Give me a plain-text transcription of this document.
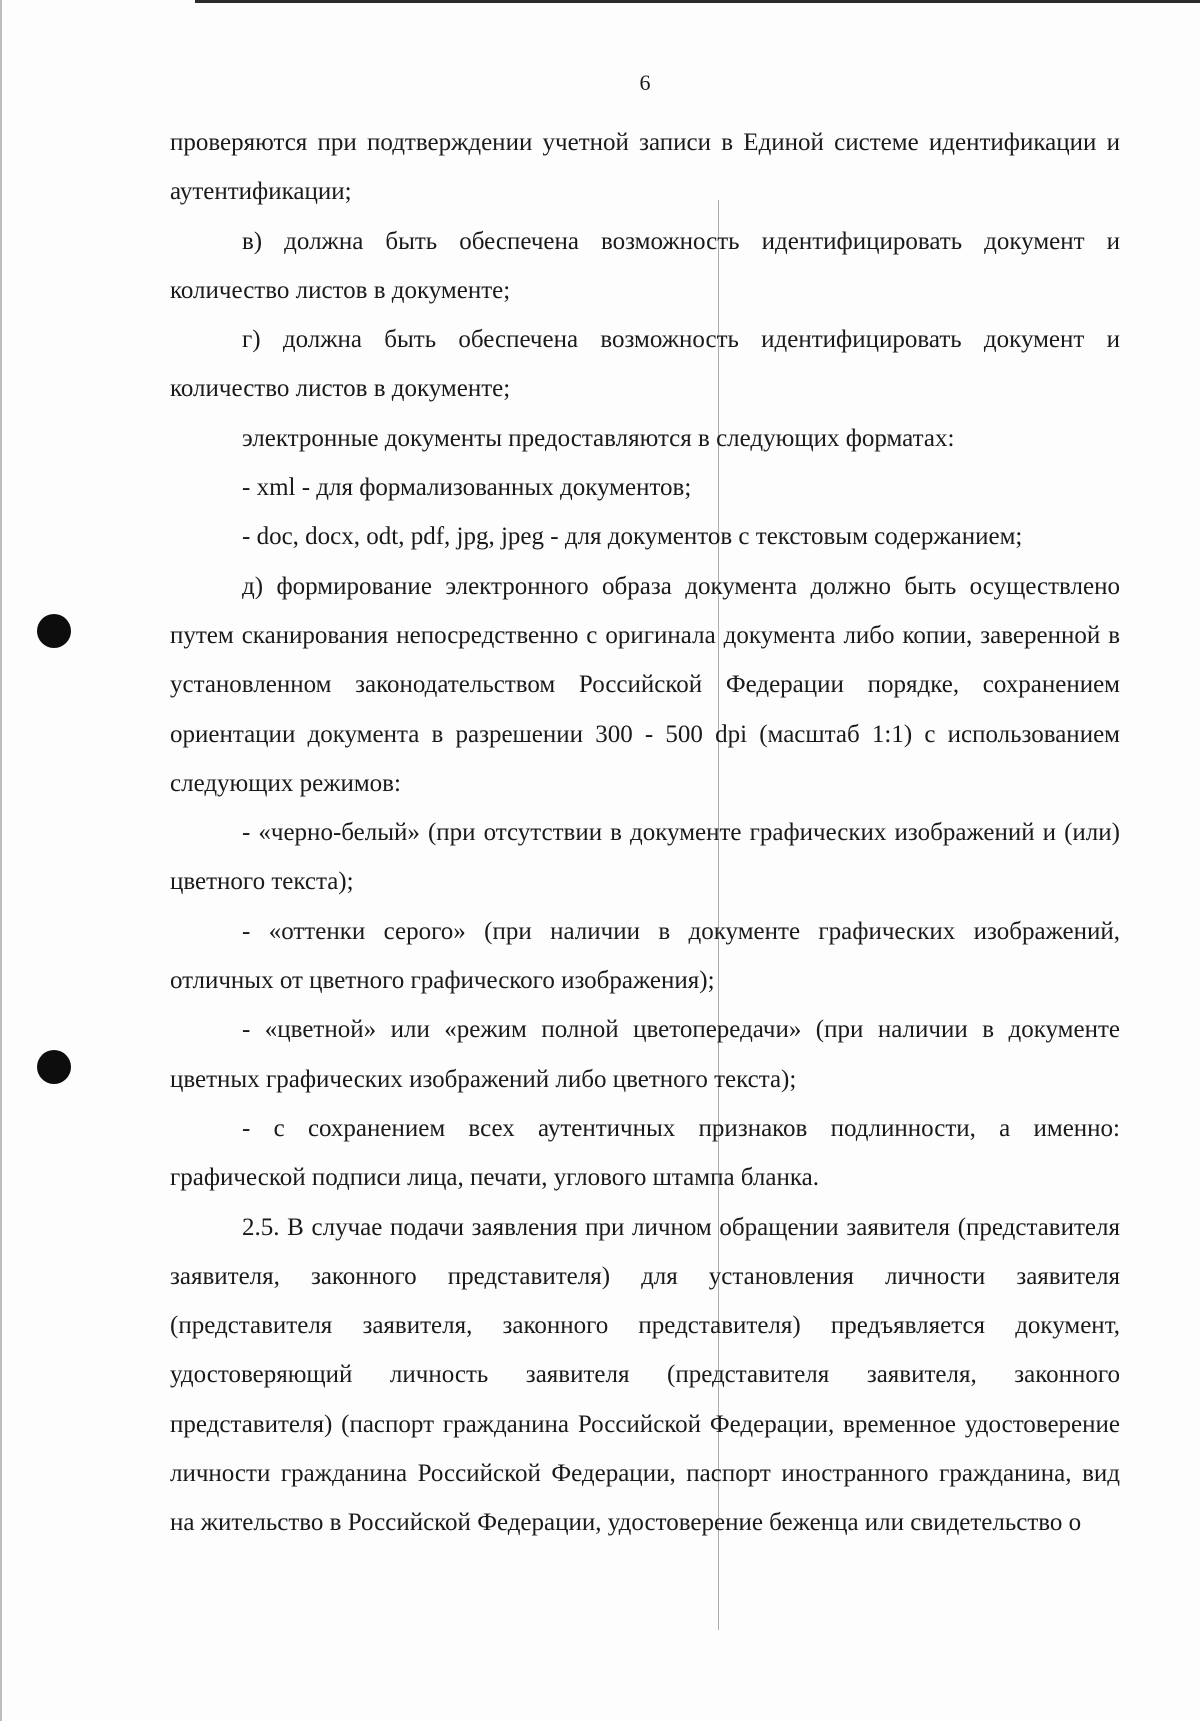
6

проверяются при подтверждении учетной записи в Единой системе идентификации и аутентификации;

в) должна быть обеспечена возможность идентифицировать документ и количество листов в документе;

г) должна быть обеспечена возможность идентифицировать документ и количество листов в документе;

электронные документы предоставляются в следующих форматах:

- xml - для формализованных документов;

- doc, docx, odt, pdf, jpg, jpeg - для документов с текстовым содержанием;

д) формирование электронного образа документа должно быть осуществлено путем сканирования непосредственно с оригинала документа либо копии, заверенной в установленном законодательством Российской Федерации порядке, сохранением ориентации документа в разрешении 300 - 500 dpi (масштаб 1:1) с использованием следующих режимов:

- «черно-белый» (при отсутствии в документе графических изображений и (или) цветного текста);

- «оттенки серого» (при наличии в документе графических изображений, отличных от цветного графического изображения);

- «цветной» или «режим полной цветопередачи» (при наличии в документе цветных графических изображений либо цветного текста);

- с сохранением всех аутентичных признаков подлинности, а именно: графической подписи лица, печати, углового штампа бланка.

2.5. В случае подачи заявления при личном обращении заявителя (представителя заявителя, законного представителя) для установления личности заявителя (представителя заявителя, законного представителя) предъявляется документ, удостоверяющий личность заявителя (представителя заявителя, законного представителя) (паспорт гражданина Российской Федерации, временное удостоверение личности гражданина Российской Федерации, паспорт иностранного гражданина, вид на жительство в Российской Федерации, удостоверение беженца или свидетельство о
